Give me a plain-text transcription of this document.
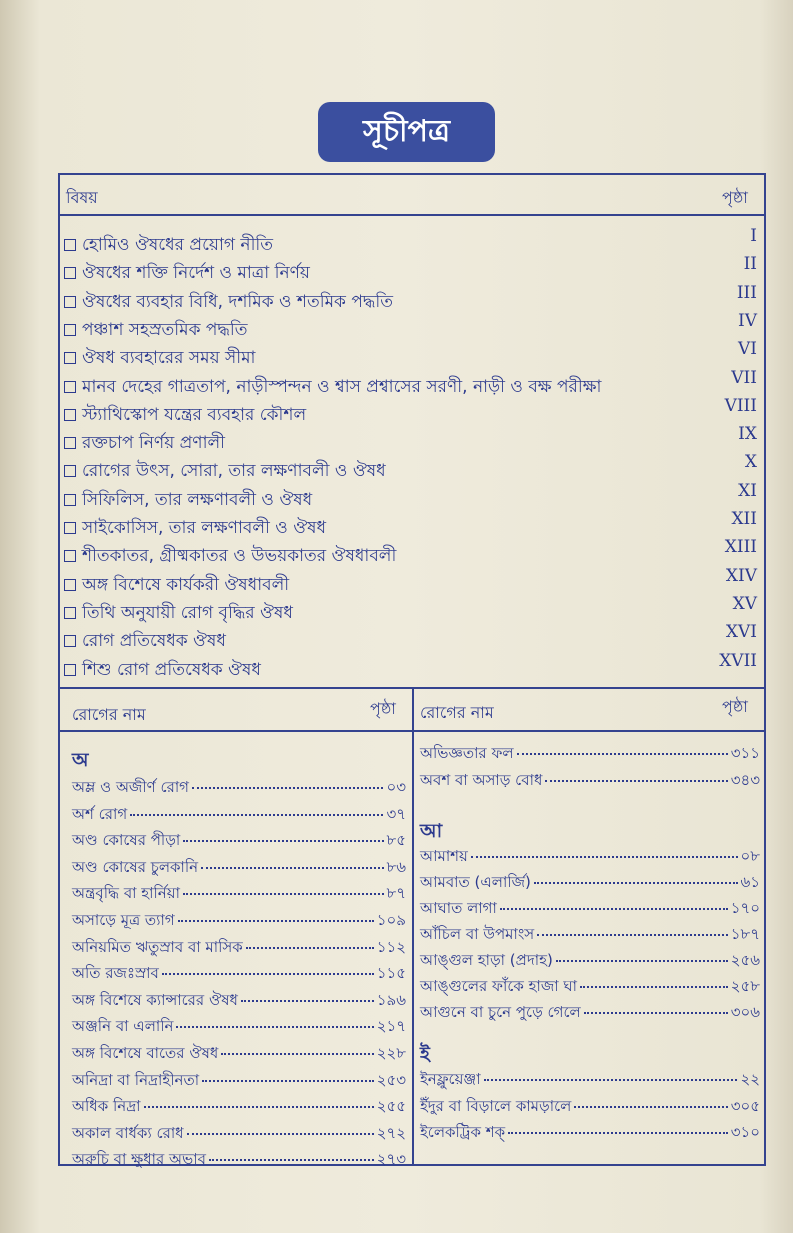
সূচীপত্র
বিষয়	পৃষ্ঠা
হোমিও ঔষধের প্রয়োগ নীতি	I
ঔষধের শক্তি নির্দেশ ও মাত্রা নির্ণয়	II
ঔষধের ব্যবহার বিধি, দশমিক ও শতমিক পদ্ধতি	III
পঞ্চাশ সহস্রতমিক পদ্ধতি	IV
ঔষধ ব্যবহারের সময় সীমা	VI
মানব দেহের গাত্রতাপ, নাড়ীস্পন্দন ও শ্বাস প্রশ্বাসের সরণী, নাড়ী ও বক্ষ পরীক্ষা	VII
স্ট্যাথিস্কোপ যন্ত্রের ব্যবহার কৌশল	VIII
রক্তচাপ নির্ণয় প্রণালী	IX
রোগের উৎস, সোরা, তার লক্ষণাবলী ও ঔষধ	X
সিফিলিস, তার লক্ষণাবলী ও ঔষধ	XI
সাইকোসিস, তার লক্ষণাবলী ও ঔষধ	XII
শীতকাতর, গ্রীষ্মকাতর ও উভয়কাতর ঔষধাবলী	XIII
অঙ্গ বিশেষে কার্যকরী ঔষধাবলী	XIV
তিথি অনুযায়ী রোগ বৃদ্ধির ঔষধ	XV
রোগ প্রতিষেধক ঔষধ	XVI
শিশু রোগ প্রতিষেধক ঔষধ	XVII
রোগের নাম	পৃষ্ঠা রোগের নাম	পৃষ্ঠা
অ
আ
ই
অম্ল ও অজীর্ণ রোগ	০৩
অর্শ রোগ	৩৭
অণ্ড কোষের পীড়া	৮৫
অণ্ড কোষের চুলকানি	৮৬
অন্ত্রবৃদ্ধি বা হার্নিয়া	৮৭
অসাড়ে মূত্র ত্যাগ	১০৯
অনিয়মিত ঋতুস্রাব বা মাসিক	১১২
অতি রজঃস্রাব	১১৫
অঙ্গ বিশেষে ক্যান্সারের ঔষধ	১৯৬
অঞ্জনি বা এলানি	২১৭
অঙ্গ বিশেষে বাতের ঔষধ	২২৮
অনিদ্রা বা নিদ্রাহীনতা	২৫৩
অধিক নিদ্রা	২৫৫
অকাল বার্ধক্য রোধ	২৭২
অরুচি বা ক্ষুধার অভাব	২৭৩
অভিজ্ঞতার ফল	৩১১
অবশ বা অসাড় বোধ	৩৪৩
আমাশয়	০৮
আমবাত (এলার্জি)	৬১
আঘাত লাগা	১৭০
আঁচিল বা উপমাংস	১৮৭
আঙ্গুল হাড়া (প্রদাহ)	২৫৬
আঙ্গুলের ফাঁকে হাজা ঘা	২৫৮
আগুনে বা চুনে পুড়ে গেলে	৩০৬
ইনফ্লুয়েঞ্জা	২২
ইঁদুর বা বিড়ালে কামড়ালে	৩০৫
ইলেকট্রিক শক্	৩১০
